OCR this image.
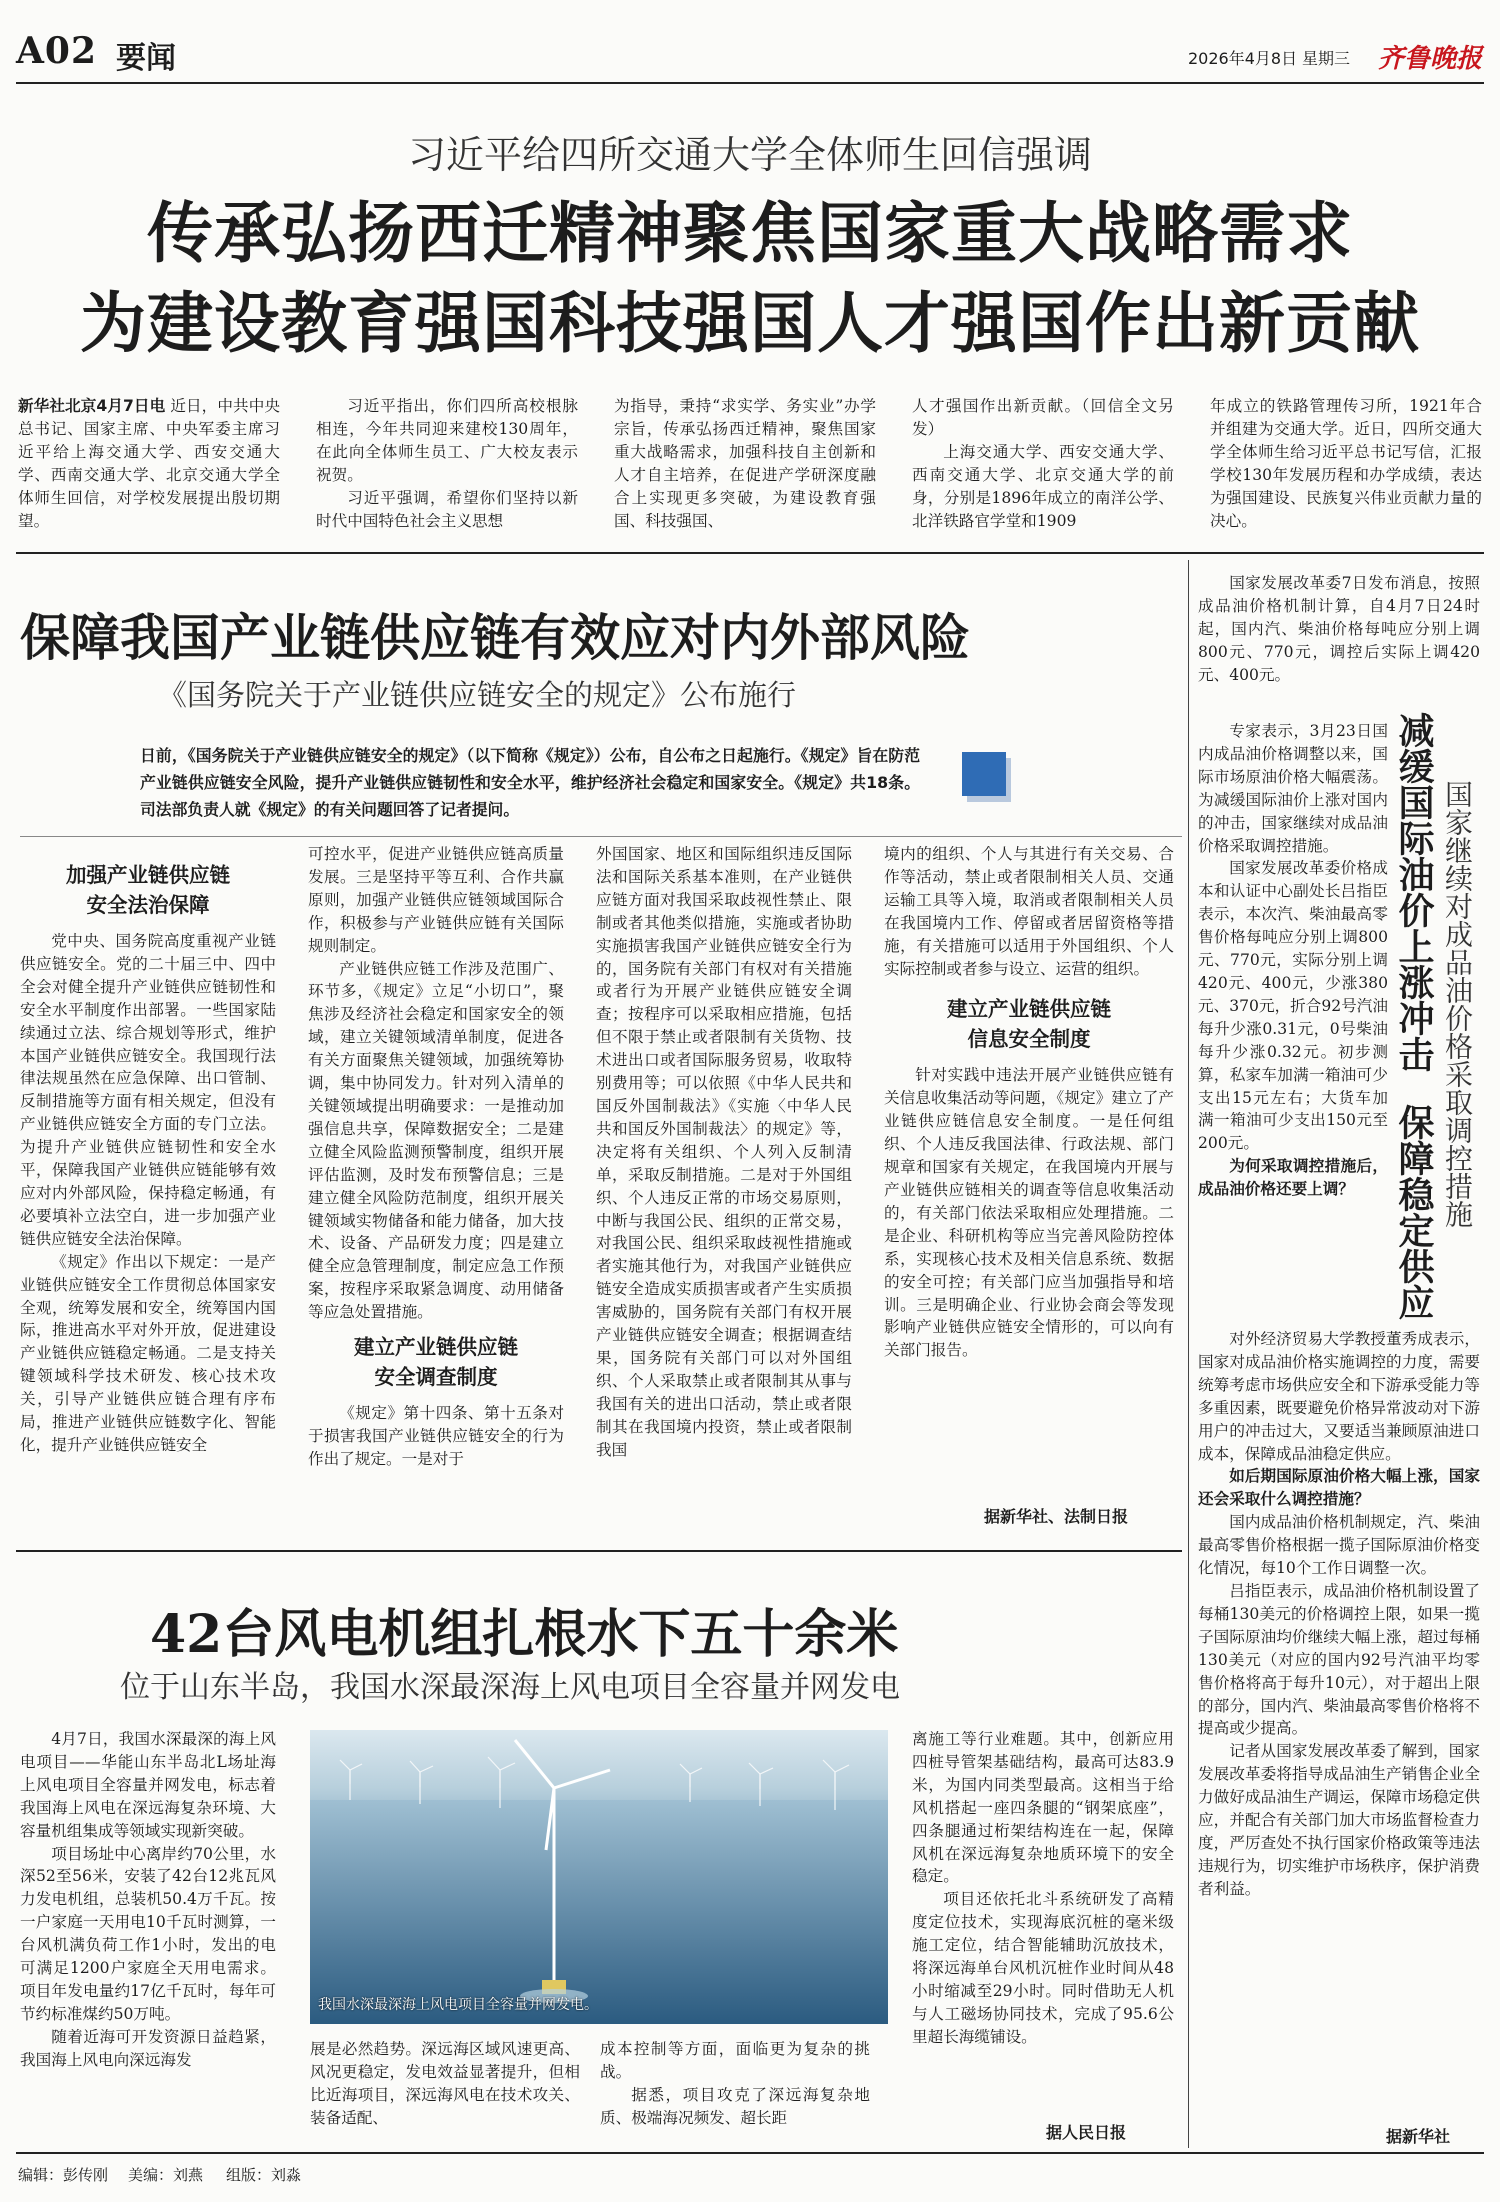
A02 要闻	2026年4月8日 星期三 齐鲁晚报
习近平给四所交通大学全体师生回信强调
传承弘扬西迁精神聚焦国家重大战略需求
为建设教育强国科技强国人才强国作出新贡献

新华社北京4月7日电 近日，中共中央总书记、国家主席、中央军委主席习近平给上海交通大学、西安交通大学、西南交通大学、北京交通大学全体师生回信，对学校发展提出殷切期望。

习近平指出，你们四所高校根脉相连，今年共同迎来建校130周年，在此向全体师生员工、广大校友表示祝贺。

习近平强调，希望你们坚持以新时代中国特色社会主义思想

为指导，秉持“求实学、务实业”办学宗旨，传承弘扬西迁精神，聚焦国家重大战略需求，加强科技自主创新和人才自主培养，在促进产学研深度融合上实现更多突破，为建设教育强国、科技强国、

人才强国作出新贡献。（回信全文另发）

上海交通大学、西安交通大学、西南交通大学、北京交通大学的前身，分别是1896年成立的南洋公学、北洋铁路官学堂和1909

年成立的铁路管理传习所，1921年合并组建为交通大学。近日，四所交通大学全体师生给习近平总书记写信，汇报学校130年发展历程和办学成绩，表达为强国建设、民族复兴伟业贡献力量的决心。

保障我国产业链供应链有效应对内外部风险
《国务院关于产业链供应链安全的规定》公布施行
日前，《国务院关于产业链供应链安全的规定》（以下简称《规定》）公布，自公布之日起施行。《规定》旨在防范产业链供应链安全风险，提升产业链供应链韧性和安全水平，维护经济社会稳定和国家安全。《规定》共18条。司法部负责人就《规定》的有关问题回答了记者提问。
加强产业链供应链
安全法治保障

党中央、国务院高度重视产业链供应链安全。党的二十届三中、四中全会对健全提升产业链供应链韧性和安全水平制度作出部署。一些国家陆续通过立法、综合规划等形式，维护本国产业链供应链安全。我国现行法律法规虽然在应急保障、出口管制、反制措施等方面有相关规定，但没有产业链供应链安全方面的专门立法。为提升产业链供应链韧性和安全水平，保障我国产业链供应链能够有效应对内外部风险，保持稳定畅通，有必要填补立法空白，进一步加强产业链供应链安全法治保障。

《规定》作出以下规定：一是产业链供应链安全工作贯彻总体国家安全观，统筹发展和安全，统筹国内国际，推进高水平对外开放，促进建设产业链供应链稳定畅通。二是支持关键领域科学技术研发、核心技术攻关，引导产业链供应链合理有序布局，推进产业链供应链数字化、智能化，提升产业链供应链安全

可控水平，促进产业链供应链高质量发展。三是坚持平等互利、合作共赢原则，加强产业链供应链领域国际合作，积极参与产业链供应链有关国际规则制定。

产业链供应链工作涉及范围广、环节多，《规定》立足“小切口”，聚焦涉及经济社会稳定和国家安全的领域，建立关键领域清单制度，促进各有关方面聚焦关键领域，加强统筹协调，集中协同发力。针对列入清单的关键领域提出明确要求：一是推动加强信息共享，保障数据安全；二是建立健全风险监测预警制度，组织开展评估监测，及时发布预警信息；三是建立健全风险防范制度，组织开展关键领域实物储备和能力储备，加大技术、设备、产品研发力度；四是建立健全应急管理制度，制定应急工作预案，按程序采取紧急调度、动用储备等应急处置措施。

建立产业链供应链
安全调查制度

《规定》第十四条、第十五条对于损害我国产业链供应链安全的行为作出了规定。一是对于

外国国家、地区和国际组织违反国际法和国际关系基本准则，在产业链供应链方面对我国采取歧视性禁止、限制或者其他类似措施，实施或者协助实施损害我国产业链供应链安全行为的，国务院有关部门有权对有关措施或者行为开展产业链供应链安全调查；按程序可以采取相应措施，包括但不限于禁止或者限制有关货物、技术进出口或者国际服务贸易，收取特别费用等；可以依照《中华人民共和国反外国制裁法》《实施〈中华人民共和国反外国制裁法〉的规定》等，决定将有关组织、个人列入反制清单，采取反制措施。二是对于外国组织、个人违反正常的市场交易原则，中断与我国公民、组织的正常交易，对我国公民、组织采取歧视性措施或者实施其他行为，对我国产业链供应链安全造成实质损害或者产生实质损害威胁的，国务院有关部门有权开展产业链供应链安全调查；根据调查结果，国务院有关部门可以对外国组织、个人采取禁止或者限制其从事与我国有关的进出口活动，禁止或者限制其在我国境内投资，禁止或者限制我国

境内的组织、个人与其进行有关交易、合作等活动，禁止或者限制相关人员、交通运输工具等入境，取消或者限制相关人员在我国境内工作、停留或者居留资格等措施，有关措施可以适用于外国组织、个人实际控制或者参与设立、运营的组织。

建立产业链供应链
信息安全制度

针对实践中违法开展产业链供应链有关信息收集活动等问题，《规定》建立了产业链供应链信息安全制度。一是任何组织、个人违反我国法律、行政法规、部门规章和国家有关规定，在我国境内开展与产业链供应链相关的调查等信息收集活动的，有关部门依法采取相应处理措施。二是企业、科研机构等应当完善风险防控体系，实现核心技术及相关信息系统、数据的安全可控；有关部门应当加强指导和培训。三是明确企业、行业协会商会等发现影响产业链供应链安全情形的，可以向有关部门报告。

据新华社、法制日报
42台风电机组扎根水下五十余米
位于山东半岛，我国水深最深海上风电项目全容量并网发电

4月7日，我国水深最深的海上风电项目——华能山东半岛北L场址海上风电项目全容量并网发电，标志着我国海上风电在深远海复杂环境、大容量机组集成等领域实现新突破。

项目场址中心离岸约70公里，水深52至56米，安装了42台12兆瓦风力发电机组，总装机50.4万千瓦。按一户家庭一天用电10千瓦时测算，一台风机满负荷工作1小时，发出的电可满足1200户家庭全天用电需求。项目年发电量约17亿千瓦时，每年可节约标准煤约50万吨。

随着近海可开发资源日益趋紧，我国海上风电向深远海发

我国水深最深海上风电项目全容量并网发电。

展是必然趋势。深远海区域风速更高、风况更稳定，发电效益显著提升，但相比近海项目，深远海风电在技术攻关、装备适配、

成本控制等方面，面临更为复杂的挑战。

据悉，项目攻克了深远海复杂地质、极端海况频发、超长距

离施工等行业难题。其中，创新应用四桩导管架基础结构，最高可达83.9米，为国内同类型最高。这相当于给风机搭起一座四条腿的“钢架底座”，四条腿通过桁架结构连在一起，保障风机在深远海复杂地质环境下的安全稳定。

项目还依托北斗系统研发了高精度定位技术，实现海底沉桩的毫米级施工定位，结合智能辅助沉放技术，将深远海单台风机沉桩作业时间从48小时缩减至29小时。同时借助无人机与人工磁场协同技术，完成了95.6公里超长海缆铺设。

据人民日报

国家发展改革委7日发布消息，按照成品油价格机制计算，自4月7日24时起，国内汽、柴油价格每吨应分别上调800元、770元，调控后实际上调420元、400元。

专家表示，3月23日国内成品油价格调整以来，国际市场原油价格大幅震荡。为减缓国际油价上涨对国内的冲击，国家继续对成品油价格采取调控措施。

国家发展改革委价格成本和认证中心副处长吕指臣表示，本次汽、柴油最高零售价格每吨应分别上调800元、770元，实际分别上调420元、400元，少涨380元、370元，折合92号汽油每升少涨0.31元，0号柴油每升少涨0.32元。初步测算，私家车加满一箱油可少支出15元左右；大货车加满一箱油可少支出150元至200元。

为何采取调控措施后，成品油价格还要上调？

减缓国际油价上涨冲击
保障稳定供应 国家继续对成品油价格采取调控措施

对外经济贸易大学教授董秀成表示，国家对成品油价格实施调控的力度，需要统筹考虑市场供应安全和下游承受能力等多重因素，既要避免价格异常波动对下游用户的冲击过大，又要适当兼顾原油进口成本，保障成品油稳定供应。

如后期国际原油价格大幅上涨，国家还会采取什么调控措施？

国内成品油价格机制规定，汽、柴油最高零售价格根据一揽子国际原油价格变化情况，每10个工作日调整一次。

吕指臣表示，成品油价格机制设置了每桶130美元的价格调控上限，如果一揽子国际原油均价继续大幅上涨，超过每桶130美元（对应的国内92号汽油平均零售价格将高于每升10元），对于超出上限的部分，国内汽、柴油最高零售价格将不提高或少提高。

记者从国家发展改革委了解到，国家发展改革委将指导成品油生产销售企业全力做好成品油生产调运，保障市场稳定供应，并配合有关部门加大市场监督检查力度，严厉查处不执行国家价格政策等违法违规行为，切实维护市场秩序，保护消费者利益。

据新华社
编辑：彭传刚 美编：刘燕 组版：刘淼
